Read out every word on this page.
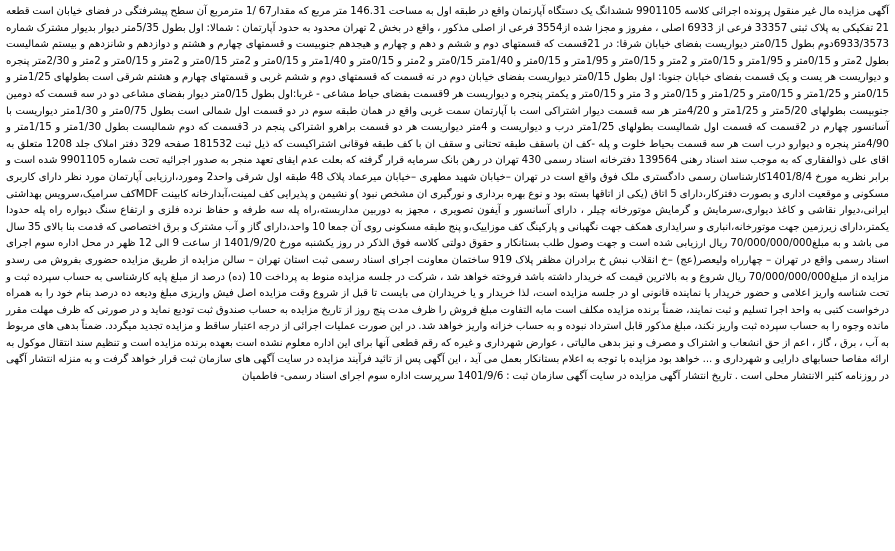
آگهی مزایده مال غیر منقول پرونده اجرائی کلاسه 9901105 ششدانگ یک دستگاه آپارتمان واقع در طبقه اول به مساحت 146.31 متر مربع که مقدار67 /1 مترمربع آن سطح پیشرفتگی در فضای خیابان است قطعه 21 تفکیکی به پلاک ثبتی 33357 فرعی از 6933 اصلی ، مفروز و مجزا شده از3554 فرعی از اصلی مذکور ، واقع در بخش 2 تهران محدود به حدود آپارتمان : شمالا: اول بطول 5/35متر دیوار بدیوار مشترک شماره 6933/3573دوم بطول 0/15متر دیواریست بفضای خیابان شرقا: در 21قسمت که قسمتهای دوم و ششم و دهم و چهارم و هیجدهم جنوبیست و قسمتهای چهارم و هشتم و دوازدهم و شانزدهم و بیستم شمالیست بطول 2متر و 0/15متر و 1/95متر و 0/15متر و 2متر و 0/15متر و 1/95متر و 0/15متر و 1/40متر 0/15متر و 2متر و 0/15متر و 1/40متر و 0/15متر و 2متر 0/15متر و 2متر و 0/15متر و 2متر و 2/30متر پنجره و دیواریست هر یست و یک قسمت بفضای خیابان جنوبا: اول بطول 0/15متر دیواریست بفضای خیابان دوم در نه قسمت که قسمتهای دوم و ششم غربی و قسمتهای چهارم و هشتم شرقی است بطولهای 1/25متر و 0/15متر و 1/25متر و 0/15متر و 1/25متر و 0/15متر و 3 متر و 0/15متر و یکمتر پنجره و دیواریست هر 9قسمت بفضای حیاط مشاعی - غربا:اول بطول 0/15متر دیوار بفضای مشاعی دو در سه قسمت که دومین جنوبیست بطولهای 5/20متر و 1/25متر و 4/20متر هر سه قسمت دیوار اشتراکی است با آپارتمان سمت غربی واقع در همان طبقه سوم در دو قسمت اول شمالی است بطول 0/75متر و 1/30متر دیواریست با آسانسور چهارم در 2قسمت که قسمت اول شمالیست بطولهای 1/25متر درب و دیواریست و 4متر دیواریست هر دو قسمت براهرو اشتراکی پنجم در 3قسمت که دوم شمالیست بطول 1/30متر و 1/15متر و 4/90متر پنجره و دیوارو درب است هر سه قسمت بحیاط خلوت و پله -کف ان باسقف طبقه تحتانی و سقف ان با کف طبقه فوقانی اشتراکیست که ذیل ثبت 181532 صفحه 329 دفتر املاک جلد 1208 متعلق به اقای علی ذوالفقاری که به موجب سند اسناد رهنی 139564 دفترخانه اسناد رسمی 430 تهران در رهن بانک سرمایه قرار گرفته که بعلت عدم ایفای تعهد منجر به صدور اجرائیه تحت شماره 9901105 شده است و برابر نظریه مورخ 1401/8/4کارشناسان رسمی دادگستری ملک فوق واقع است در تهران –خیابان شهید مطهری –خیابان میرعماد پلاک 48 طبقه اول شرقی واحد2 ومورد،ارزیابی آپارتمان مورد نظر دارای کاربری مسکونی و موقعیت اداری و بصورت دفترکار،دارای 5 اتاق (یکی از اتاقها بسته بود و نوع بهره برداری و نورگیری ان مشخص نبود )و نشیمن و پذیرایی کف لمینت،آبدارخانه کابینت MDFکف سرامیک،سرویس بهداشتی ایرانی،دیوار نقاشی و کاغذ دیواری،سرمایش و گرمایش موتورخانه چیلر ، دارای آسانسور و آیفون تصویری ، مجهز به دوربین مداربسته،راه پله سه طرفه و حفاظ نرده فلزی و ارتفاع سنگ دیواره راه پله حدودا یکمتر،دارای زیرزمین جهت موتورخانه،انباری و سرایداری همکف جهت نگهبانی و پارکینگ کف موزاییک،و پنج طبقه مسکونی روی آن جمعا 10 واحد،دارای گاز و آب مشترک و برق اختصاصی که قدمت بنا بالای 35 سال می باشد و به مبلغ70/000/000/000 ریال ارزیابی شده است و جهت وصول طلب بستانکار و حقوق دولتی کلاسه فوق الذکر در روز یکشنبه مورخ 1401/9/20 از ساعت 9 الی 12 ظهر در محل اداره سوم اجرای اسناد رسمی واقع در تهران – چهارراه ولیعصر(عج) –خ انقلاب نبش خ برادران مظفر پلاک 919 ساختمان معاونت اجرای اسناد رسمی ثبت استان تهران – سالن مزایده از طریق مزایده حضوری بفروش می رسدو مزایده از مبلغ70/000/000/000 ریال شروع و به بالاترین قیمت که خریدار داشته باشد فروخته خواهد شد ، شرکت در جلسه مزایده منوط به پرداخت 10 (ده) درصد از مبلغ پایه کارشناسی به حساب سپرده ثبت و تحت شناسه واریز اعلامی و حضور خریدار یا نماینده قانونی او در جلسه مزایده است، لذا خریدار و یا خریداران می بایست تا قبل از شروع وقت مزایده اصل فیش واریزی مبلغ ودیعه ده درصد بنام خود را به همراه درخواست کتبی به واحد اجرا تسلیم و ثبت نمایند، ضمناً برنده مزایده مکلف است مابه التفاوت مبلغ فروش را ظرف مدت پنج روز از تاریخ مزایده به حساب صندوق ثبت تودیع نماید و در صورتی که ظرف مهلت مقرر مانده وجوه را به حساب سپرده ثبت واریز نکند، مبلغ مذکور قابل استرداد نبوده و به حساب خزانه واریز خواهد شد. در این صورت عملیات اجرائی از درجه اعتبار ساقط و مزایده تجدید میگردد. ضمناً بدهی های مربوط به آب ، برق ، گاز ، اعم از حق انشعاب و اشتراک و مصرف و نیز بدهی مالیاتی ، عوارض شهرداری و غیره که رقم قطعی آنها برای این اداره معلوم نشده است بعهده برنده مزایده است و تنظیم سند انتقال موکول به ارائه مفاصا حسابهای دارایی و شهرداری و ... خواهد بود مزایده با توجه به اعلام بستانکار بعمل می آید ، این آگهی پس از تائید فرآیند مزایده در سایت آگهی های سازمان ثبت قرار خواهد گرفت و به منزله انتشار آگهی در روزنامه کثیر الانتشار محلی است . تاریخ انتشار آگهی مزایده در سایت آگهی سازمان ثبت : 1401/9/6 سرپرست اداره سوم اجرای اسناد رسمی- فاطمیان
